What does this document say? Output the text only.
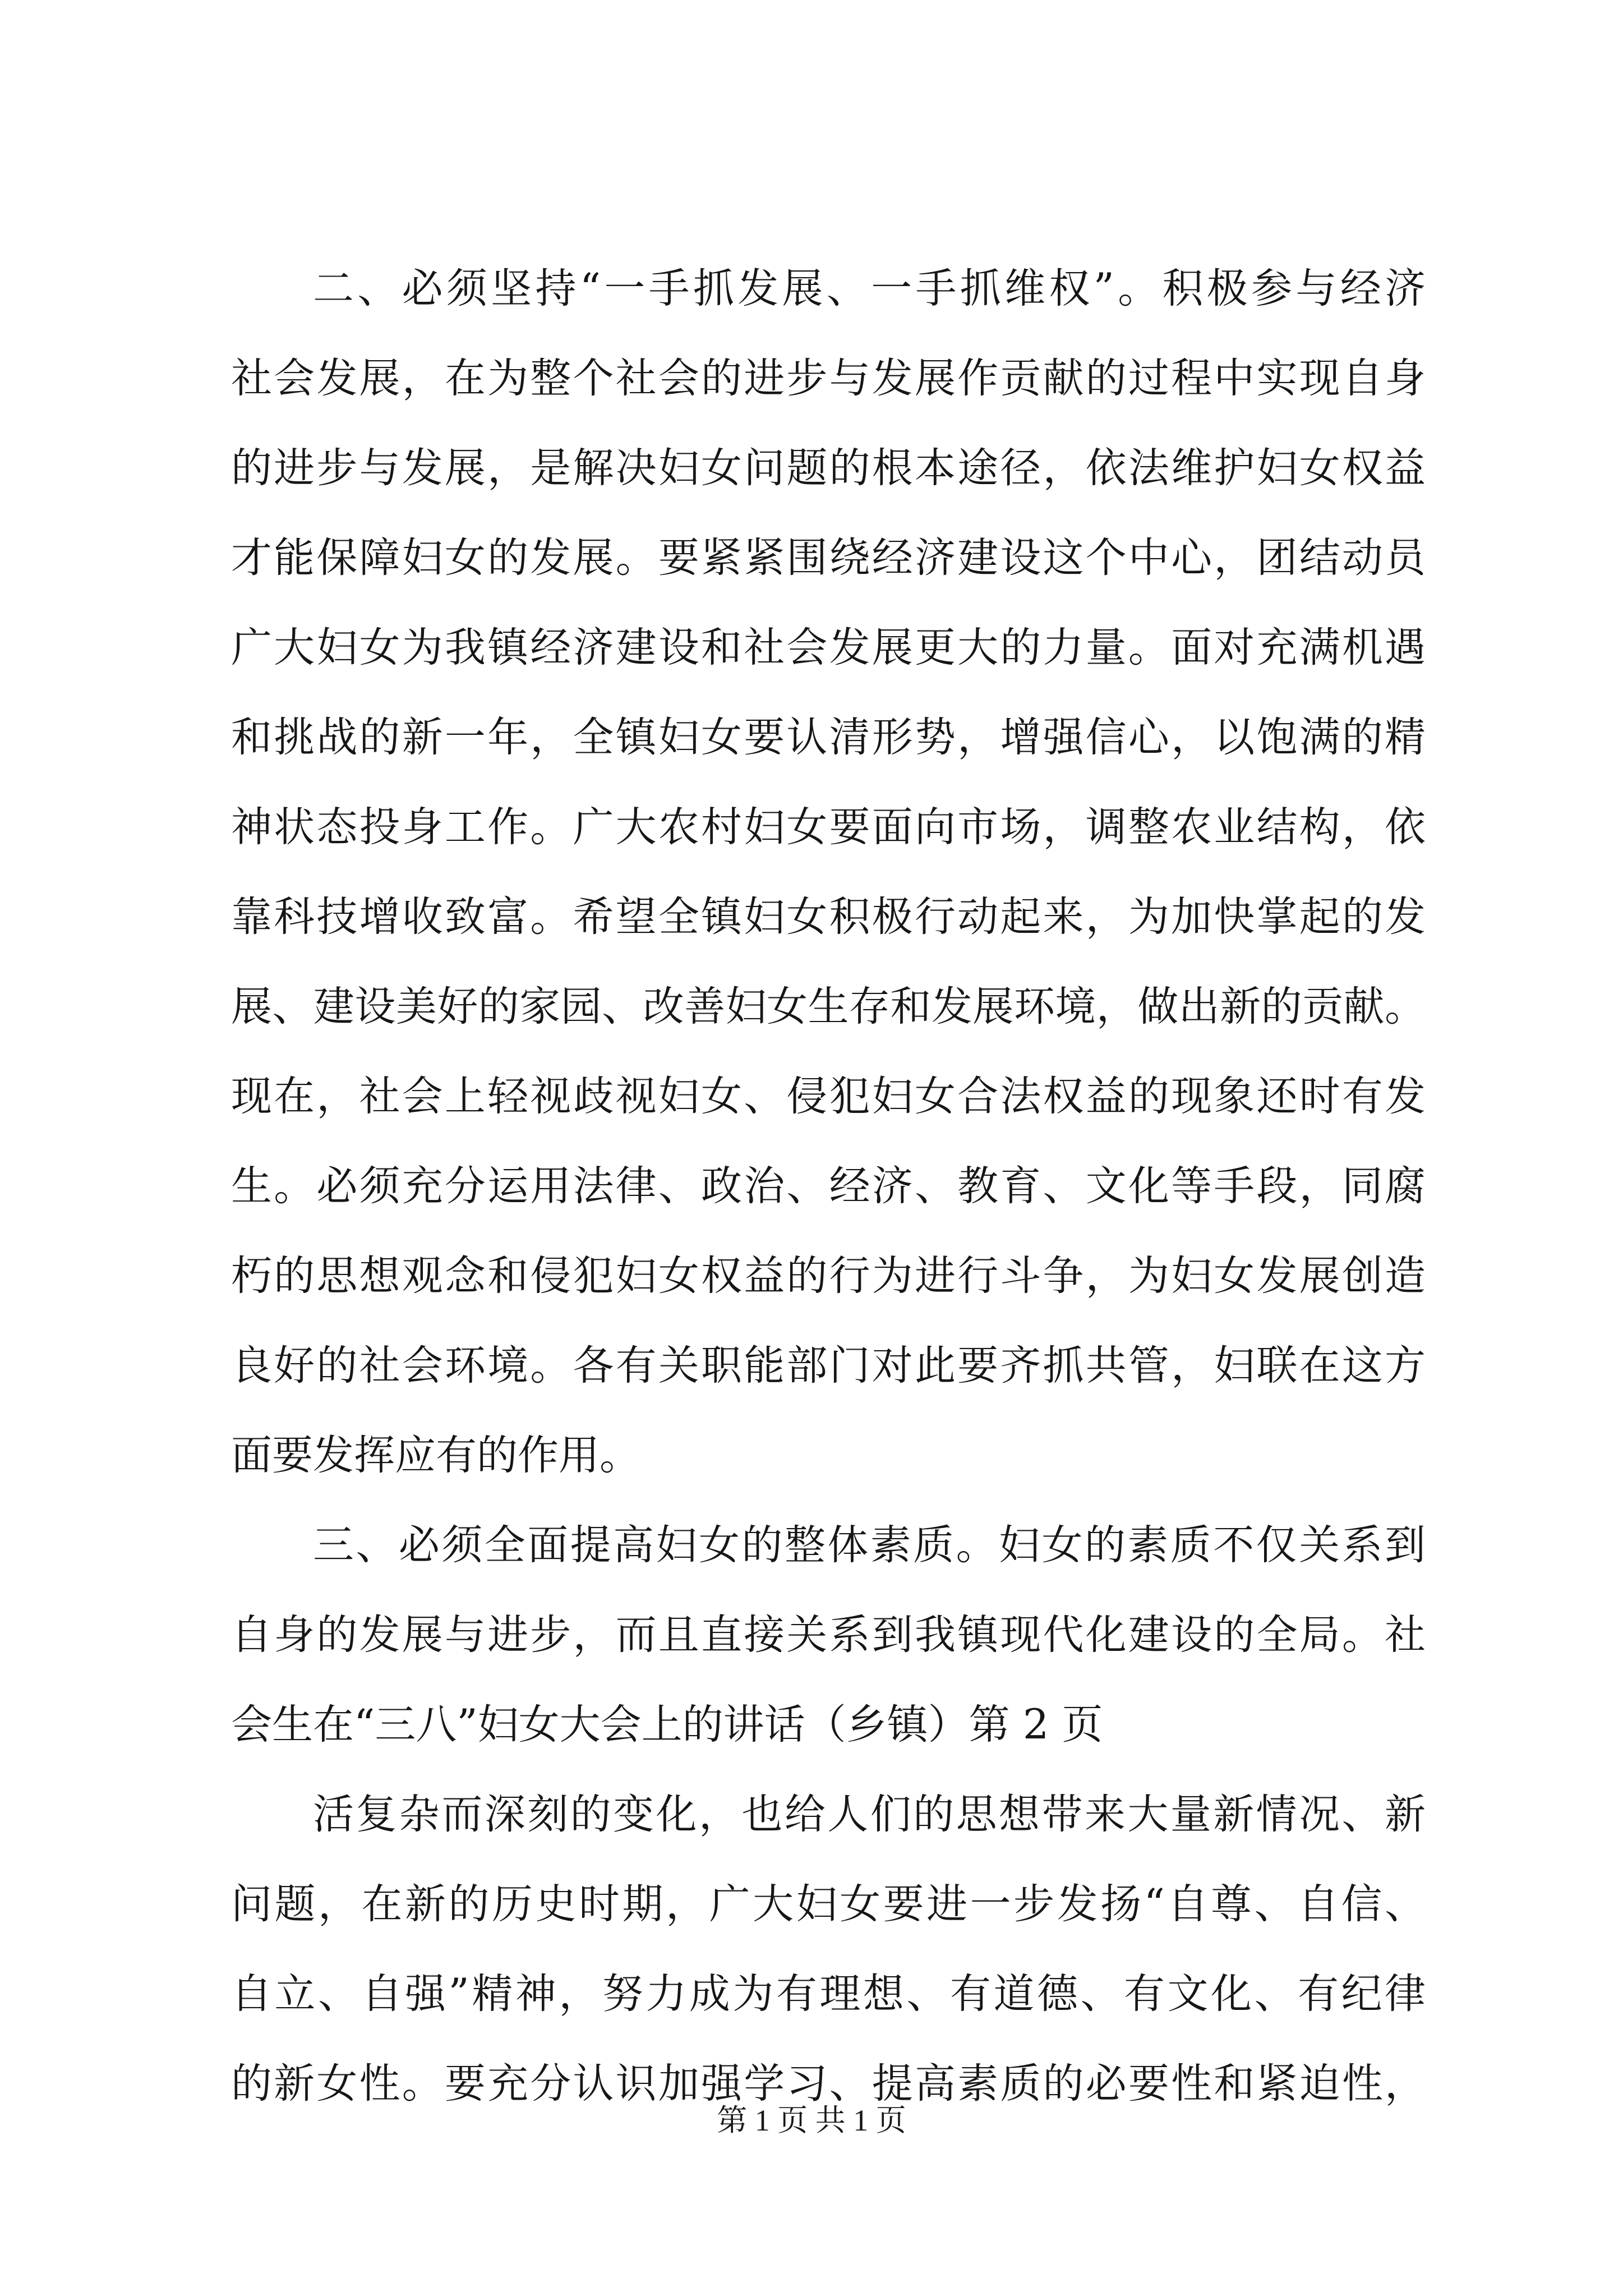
二、必须坚持“一手抓发展、一手抓维权”。积极参与经济
社会发展，在为整个社会的进步与发展作贡献的过程中实现自身
的进步与发展，是解决妇女问题的根本途径，依法维护妇女权益
才能保障妇女的发展。要紧紧围绕经济建设这个中心，团结动员
广大妇女为我镇经济建设和社会发展更大的力量。面对充满机遇
和挑战的新一年，全镇妇女要认清形势，增强信心，以饱满的精
神状态投身工作。广大农村妇女要面向市场，调整农业结构，依
靠科技增收致富。希望全镇妇女积极行动起来，为加快掌起的发
展、建设美好的家园、改善妇女生存和发展环境，做出新的贡献。
现在，社会上轻视歧视妇女、侵犯妇女合法权益的现象还时有发
生。必须充分运用法律、政治、经济、教育、文化等手段，同腐
朽的思想观念和侵犯妇女权益的行为进行斗争，为妇女发展创造
良好的社会环境。各有关职能部门对此要齐抓共管，妇联在这方
面要发挥应有的作用。
三、必须全面提高妇女的整体素质。妇女的素质不仅关系到
自身的发展与进步，而且直接关系到我镇现代化建设的全局。社
会生在“三八”妇女大会上的讲话（乡镇）第 2 页
活复杂而深刻的变化，也给人们的思想带来大量新情况、新
问题，在新的历史时期，广大妇女要进一步发扬“自尊、自信、
自立、自强”精神，努力成为有理想、有道德、有文化、有纪律
的新女性。要充分认识加强学习、提高素质的必要性和紧迫性，
第 1 页 共 1 页
